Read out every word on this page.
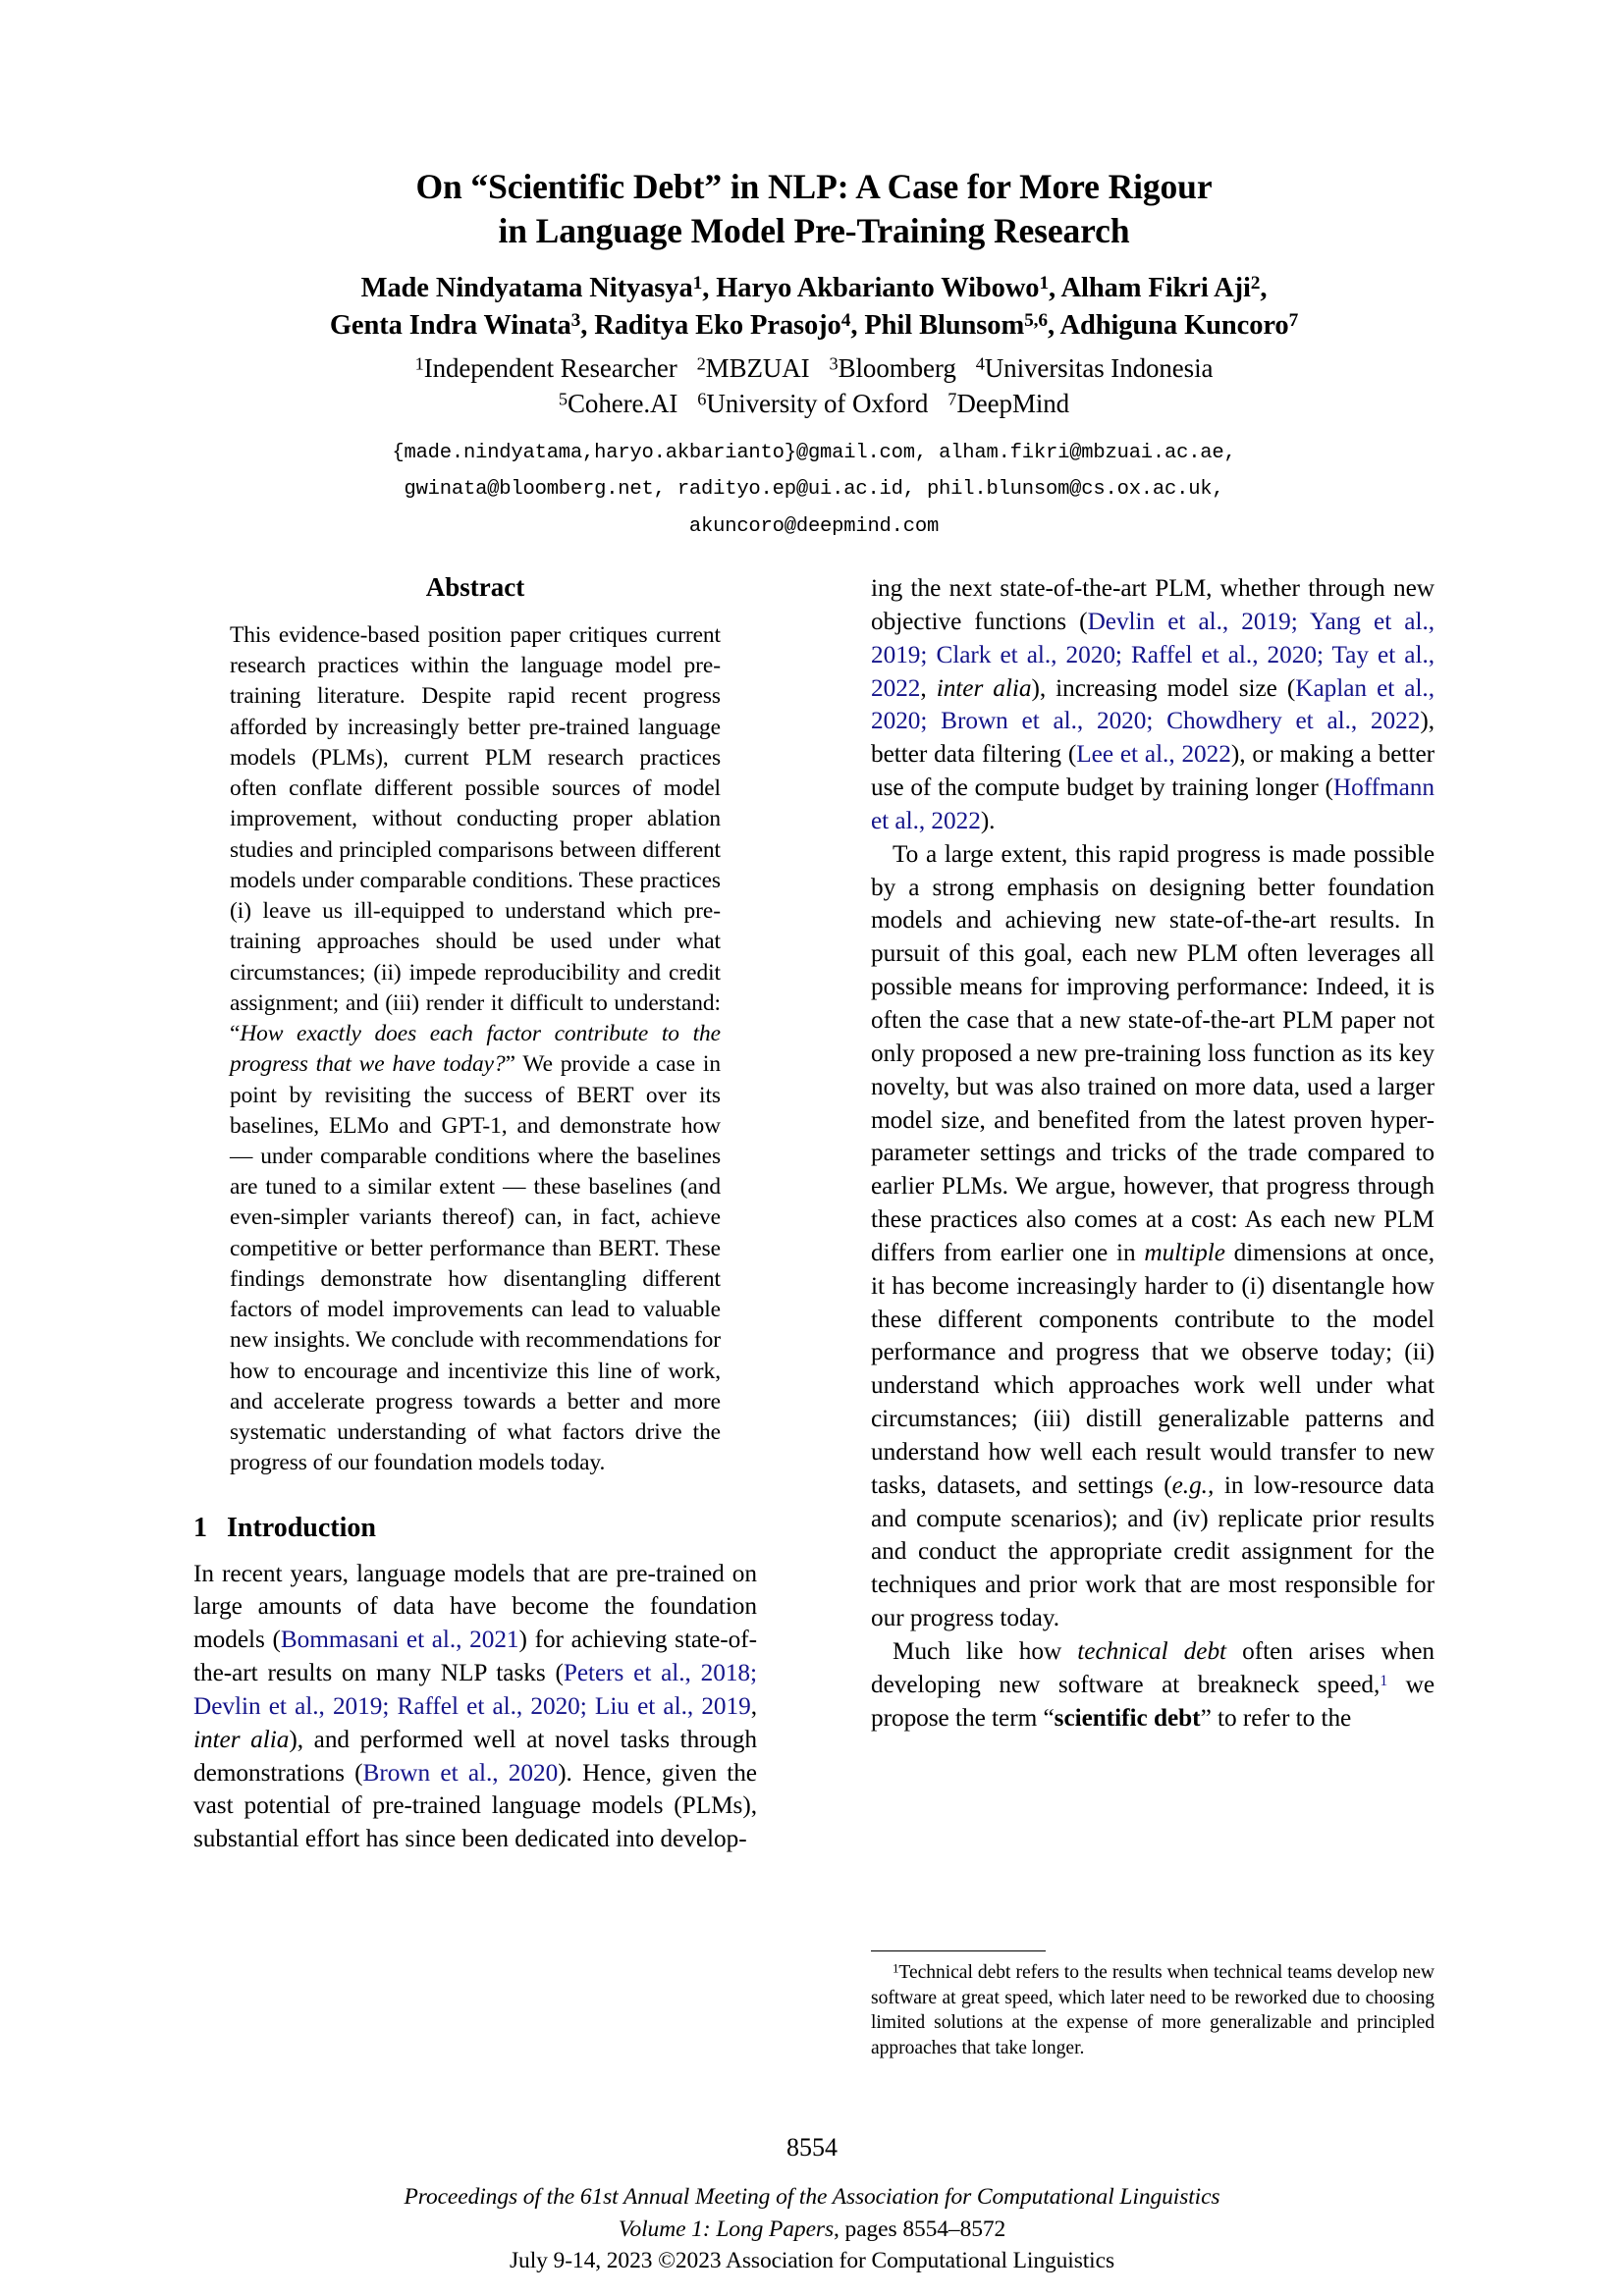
On “Scientific Debt” in NLP: A Case for More Rigour
in Language Model Pre-Training Research
Made Nindyatama Nityasya$^1$, Haryo Akbarianto Wibowo$^1$, Alham Fikri Aji$^2$,
Genta Indra Winata$^3$, Raditya Eko Prasojo$^4$, Phil Blunsom$^{5,6}$, Adhiguna Kuncoro$^7$
$^1$Independent Researcher $^2$MBZUAI $^3$Bloomberg $^4$Universitas Indonesia
$^5$Cohere.AI $^6$University of Oxford $^7$DeepMind
{made.nindyatama,haryo.akbarianto}@gmail.com, alham.fikri@mbzuai.ac.ae,
gwinata@bloomberg.net, radityo.ep@ui.ac.id, phil.blunsom@cs.ox.ac.uk,
akuncoro@deepmind.com
Abstract
This evidence-based position paper critiques current research practices within the language model pre-training literature. Despite rapid recent progress afforded by increasingly better pre-trained language models (PLMs), current PLM research practices often conflate different possible sources of model improvement, without conducting proper ablation studies and principled comparisons between different models under comparable conditions. These practices (i) leave us ill-equipped to understand which pre-training approaches should be used under what circumstances; (ii) impede reproducibility and credit assignment; and (iii) render it difficult to understand: “How exactly does each factor contribute to the progress that we have today?” We provide a case in point by revisiting the success of BERT over its baselines, ELMo and GPT-1, and demonstrate how — under comparable conditions where the baselines are tuned to a similar extent — these baselines (and even-simpler variants thereof) can, in fact, achieve competitive or better performance than BERT. These findings demonstrate how disentangling different factors of model improvements can lead to valuable new insights. We conclude with recommendations for how to encourage and incentivize this line of work, and accelerate progress towards a better and more systematic understanding of what factors drive the progress of our foundation models today.
1 Introduction

In recent years, language models that are pre-trained on large amounts of data have become the foundation models (Bommasani et al., 2021) for achieving state-of-the-art results on many NLP tasks (Peters et al., 2018; Devlin et al., 2019; Raffel et al., 2020; Liu et al., 2019, inter alia), and performed well at novel tasks through demonstrations (Brown et al., 2020). Hence, given the vast potential of pre-trained language models (PLMs), substantial effort has since been dedicated into develop-

ing the next state-of-the-art PLM, whether through new objective functions (Devlin et al., 2019; Yang et al., 2019; Clark et al., 2020; Raffel et al., 2020; Tay et al., 2022, inter alia), increasing model size (Kaplan et al., 2020; Brown et al., 2020; Chowdhery et al., 2022), better data filtering (Lee et al., 2022), or making a better use of the compute budget by training longer (Hoffmann et al., 2022).

To a large extent, this rapid progress is made possible by a strong emphasis on designing better foundation models and achieving new state-of-the-art results. In pursuit of this goal, each new PLM often leverages all possible means for improving performance: Indeed, it is often the case that a new state-of-the-art PLM paper not only proposed a new pre-training loss function as its key novelty, but was also trained on more data, used a larger model size, and benefited from the latest proven hyper-parameter settings and tricks of the trade compared to earlier PLMs. We argue, however, that progress through these practices also comes at a cost: As each new PLM differs from earlier one in multiple dimensions at once, it has become increasingly harder to (i) disentangle how these different components contribute to the model performance and progress that we observe today; (ii) understand which approaches work well under what circumstances; (iii) distill generalizable patterns and understand how well each result would transfer to new tasks, datasets, and settings (e.g., in low-resource data and compute scenarios); and (iv) replicate prior results and conduct the appropriate credit assignment for the techniques and prior work that are most responsible for our progress today.

Much like how technical debt often arises when developing new software at breakneck speed,$^1$ we propose the term “scientific debt” to refer to the

$^1$Technical debt refers to the results when technical teams develop new software at great speed, which later need to be reworked due to choosing limited solutions at the expense of more generalizable and principled approaches that take longer.

8554
Proceedings of the 61st Annual Meeting of the Association for Computational Linguistics
Volume 1: Long Papers, pages 8554–8572
July 9-14, 2023 ©2023 Association for Computational Linguistics
